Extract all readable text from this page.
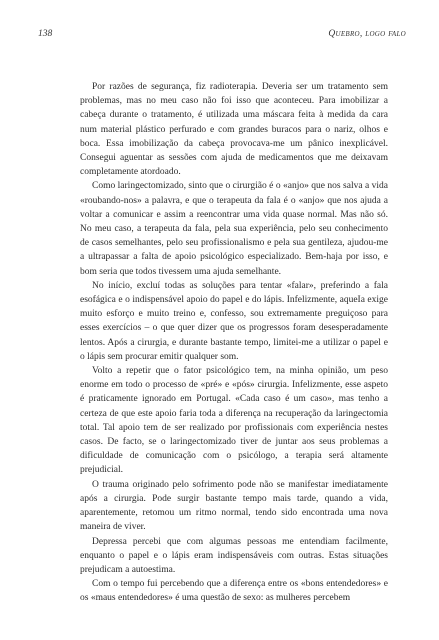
138	Quebro, logo falo

Por razões de segurança, fiz radioterapia. Deveria ser um tratamento sem problemas, mas no meu caso não foi isso que aconteceu. Para imobilizar a cabeça durante o tratamento, é utilizada uma máscara feita à medida da cara num material plástico perfurado e com grandes buracos para o nariz, olhos e boca. Essa imobilização da cabeça provocava-me um pânico inexplicável. Consegui aguentar as sessões com ajuda de medicamentos que me deixavam completamente atordoado.

Como laringectomizado, sinto que o cirurgião é o «anjo» que nos salva a vida «roubando-nos» a palavra, e que o terapeuta da fala é o «anjo» que nos ajuda a voltar a comunicar e assim a reencontrar uma vida quase normal. Mas não só. No meu caso, a terapeuta da fala, pela sua experiência, pelo seu conhecimento de casos semelhantes, pelo seu profissionalismo e pela sua gentileza, ajudou-me a ultrapassar a falta de apoio psicológico especializado. Bem-haja por isso, e bom seria que todos tivessem uma ajuda semelhante.

No início, excluí todas as soluções para tentar «falar», preferindo a fala esofágica e o indispensável apoio do papel e do lápis. Infelizmente, aqueIa exige muito esforço e muito treino e, confesso, sou extremamente preguiçoso para esses exercícios – o que quer dizer que os progressos foram desesperadamente lentos. Após a cirurgia, e durante bastante tempo, limitei-me a utilizar o papel e o lápis sem procurar emitir qualquer som.

Volto a repetir que o fator psicológico tem, na minha opinião, um peso enorme em todo o processo de «pré» e «pós» cirurgia. Infelizmente, esse aspeto é praticamente ignorado em Portugal. «Cada caso é um caso», mas tenho a certeza de que este apoio faria toda a diferença na recuperação da laringectomia total. Tal apoio tem de ser realizado por profissionais com experiência nestes casos. De facto, se o laringectomizado tiver de juntar aos seus problemas a dificuldade de comunicação com o psicólogo, a terapia será altamente prejudicial.

O trauma originado pelo sofrimento pode não se manifestar imediatamente após a cirurgia. Pode surgir bastante tempo mais tarde, quando a vida, aparentemente, retomou um ritmo normal, tendo sido encontrada uma nova maneira de viver.

Depressa percebi que com algumas pessoas me entendiam facilmente, enquanto o papel e o lápis eram indispensáveis com outras. Estas situações prejudicam a autoestima.

Com o tempo fui percebendo que a diferença entre os «bons entendedores» e os «maus entendedores» é uma questão de sexo: as mulheres percebem
